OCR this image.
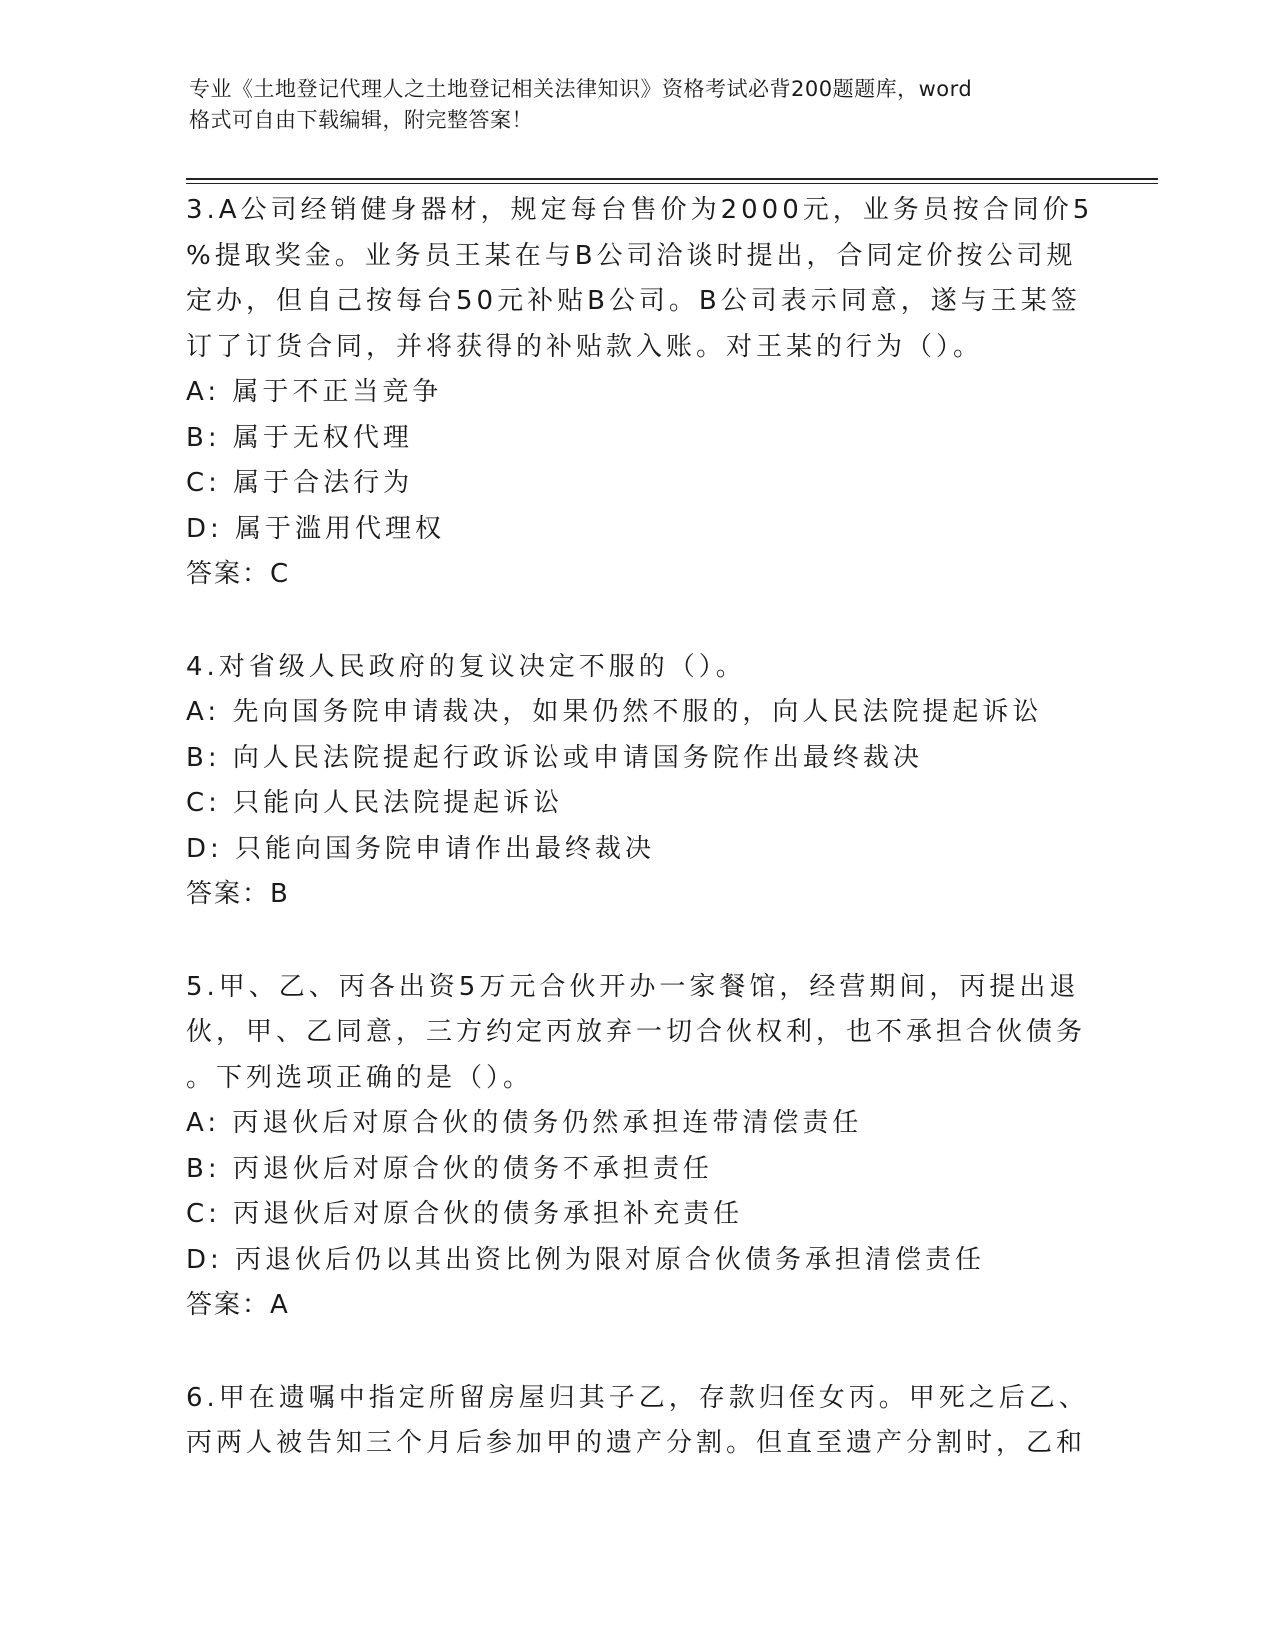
专业《土地登记代理人之土地登记相关法律知识》资格考试必背200题题库，word
格式可自由下载编辑，附完整答案！
3.A公司经销健身器材，规定每台售价为2000元，业务员按合同价5
%提取奖金。业务员王某在与B公司洽谈时提出，合同定价按公司规
定办，但自己按每台50元补贴B公司。B公司表示同意，遂与王某签
订了订货合同，并将获得的补贴款入账。对王某的行为（）。
A: 属于不正当竞争
B: 属于无权代理
C: 属于合法行为
D: 属于滥用代理权
答案：C
4.对省级人民政府的复议决定不服的（）。
A: 先向国务院申请裁决，如果仍然不服的，向人民法院提起诉讼
B: 向人民法院提起行政诉讼或申请国务院作出最终裁决
C: 只能向人民法院提起诉讼
D: 只能向国务院申请作出最终裁决
答案：B
5.甲、乙、丙各出资5万元合伙开办一家餐馆，经营期间，丙提出退
伙，甲、乙同意，三方约定丙放弃一切合伙权利，也不承担合伙债务
。下列选项正确的是（）。
A: 丙退伙后对原合伙的债务仍然承担连带清偿责任
B: 丙退伙后对原合伙的债务不承担责任
C: 丙退伙后对原合伙的债务承担补充责任
D: 丙退伙后仍以其出资比例为限对原合伙债务承担清偿责任
答案：A
6.甲在遗嘱中指定所留房屋归其子乙，存款归侄女丙。甲死之后乙、
丙两人被告知三个月后参加甲的遗产分割。但直至遗产分割时，乙和
